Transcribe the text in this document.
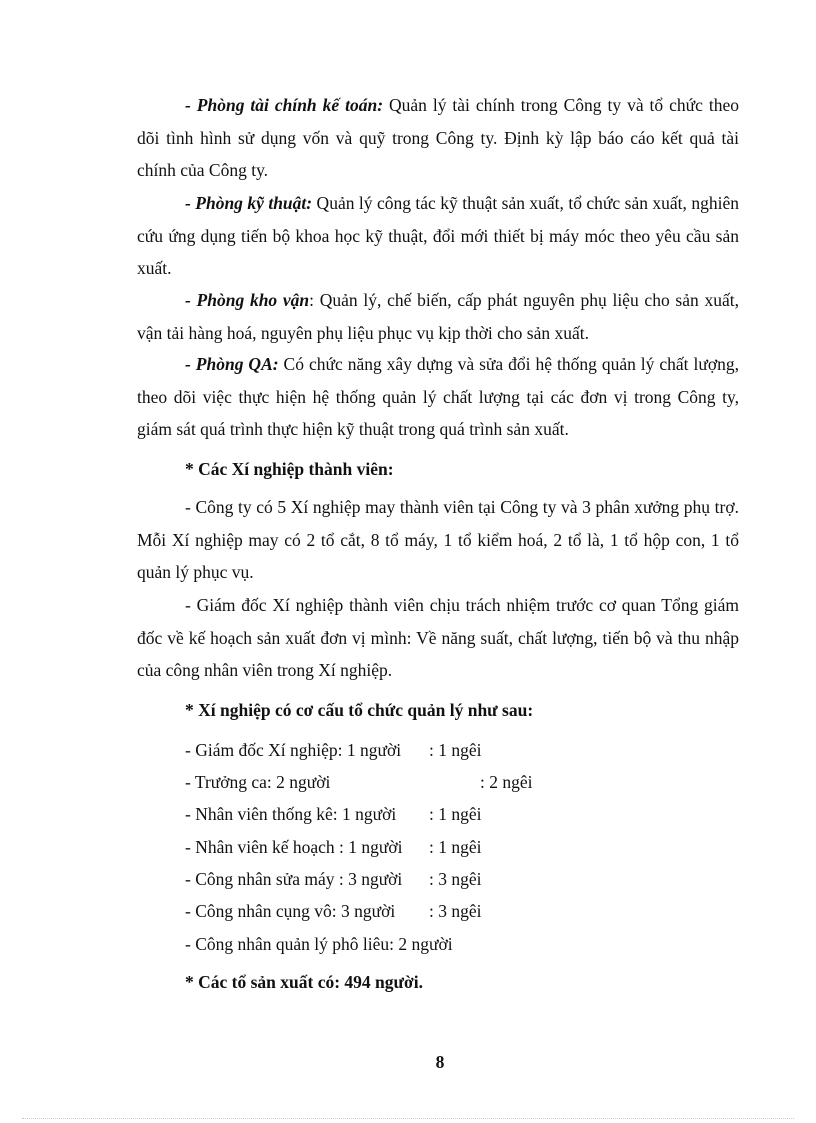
- Phòng tài chính kế toán: Quản lý tài chính trong Công ty và tổ chức theo dõi tình hình sử dụng vốn và quỹ trong Công ty. Định kỳ lập báo cáo kết quả tài chính của Công ty.

- Phòng kỹ thuật: Quản lý công tác kỹ thuật sản xuất, tổ chức sản xuất, nghiên cứu ứng dụng tiến bộ khoa học kỹ thuật, đổi mới thiết bị máy móc theo yêu cầu sản xuất.

- Phòng kho vận: Quản lý, chế biến, cấp phát nguyên phụ liệu cho sản xuất, vận tải hàng hoá, nguyên phụ liệu phục vụ kịp thời cho sản xuất.

- Phòng QA: Có chức năng xây dựng và sửa đổi hệ thống quản lý chất lượng, theo dõi việc thực hiện hệ thống quản lý chất lượng tại các đơn vị trong Công ty, giám sát quá trình thực hiện kỹ thuật trong quá trình sản xuất.

* Các Xí nghiệp thành viên:

- Công ty có 5 Xí nghiệp may thành viên tại Công ty và 3 phân xưởng phụ trợ. Mỗi Xí nghiệp may có 2 tổ cắt, 8 tổ máy, 1 tổ kiểm hoá, 2 tổ là, 1 tổ hộp con, 1 tổ quản lý phục vụ.

- Giám đốc Xí nghiệp thành viên chịu trách nhiệm trước cơ quan Tổng giám đốc về kế hoạch sản xuất đơn vị mình: Về năng suất, chất lượng, tiến bộ và thu nhập của công nhân viên trong Xí nghiệp.

* Xí nghiệp có cơ cấu tổ chức quản lý như sau:

- Giám đốc Xí nghiệp: 1 người : 1 ngêi

- Trưởng ca: 2 người	: 2 ngêi

- Nhân viên thống kê: 1 người : 1 ngêi

- Nhân viên kế hoạch : 1 người : 1 ngêi

- Công nhân sửa máy : 3 người : 3 ngêi

- Công nhân cụng vô: 3 người : 3 ngêi

- Công nhân quản lý phô liêu: 2 người

* Các tổ sản xuất có: 494 người.

8
